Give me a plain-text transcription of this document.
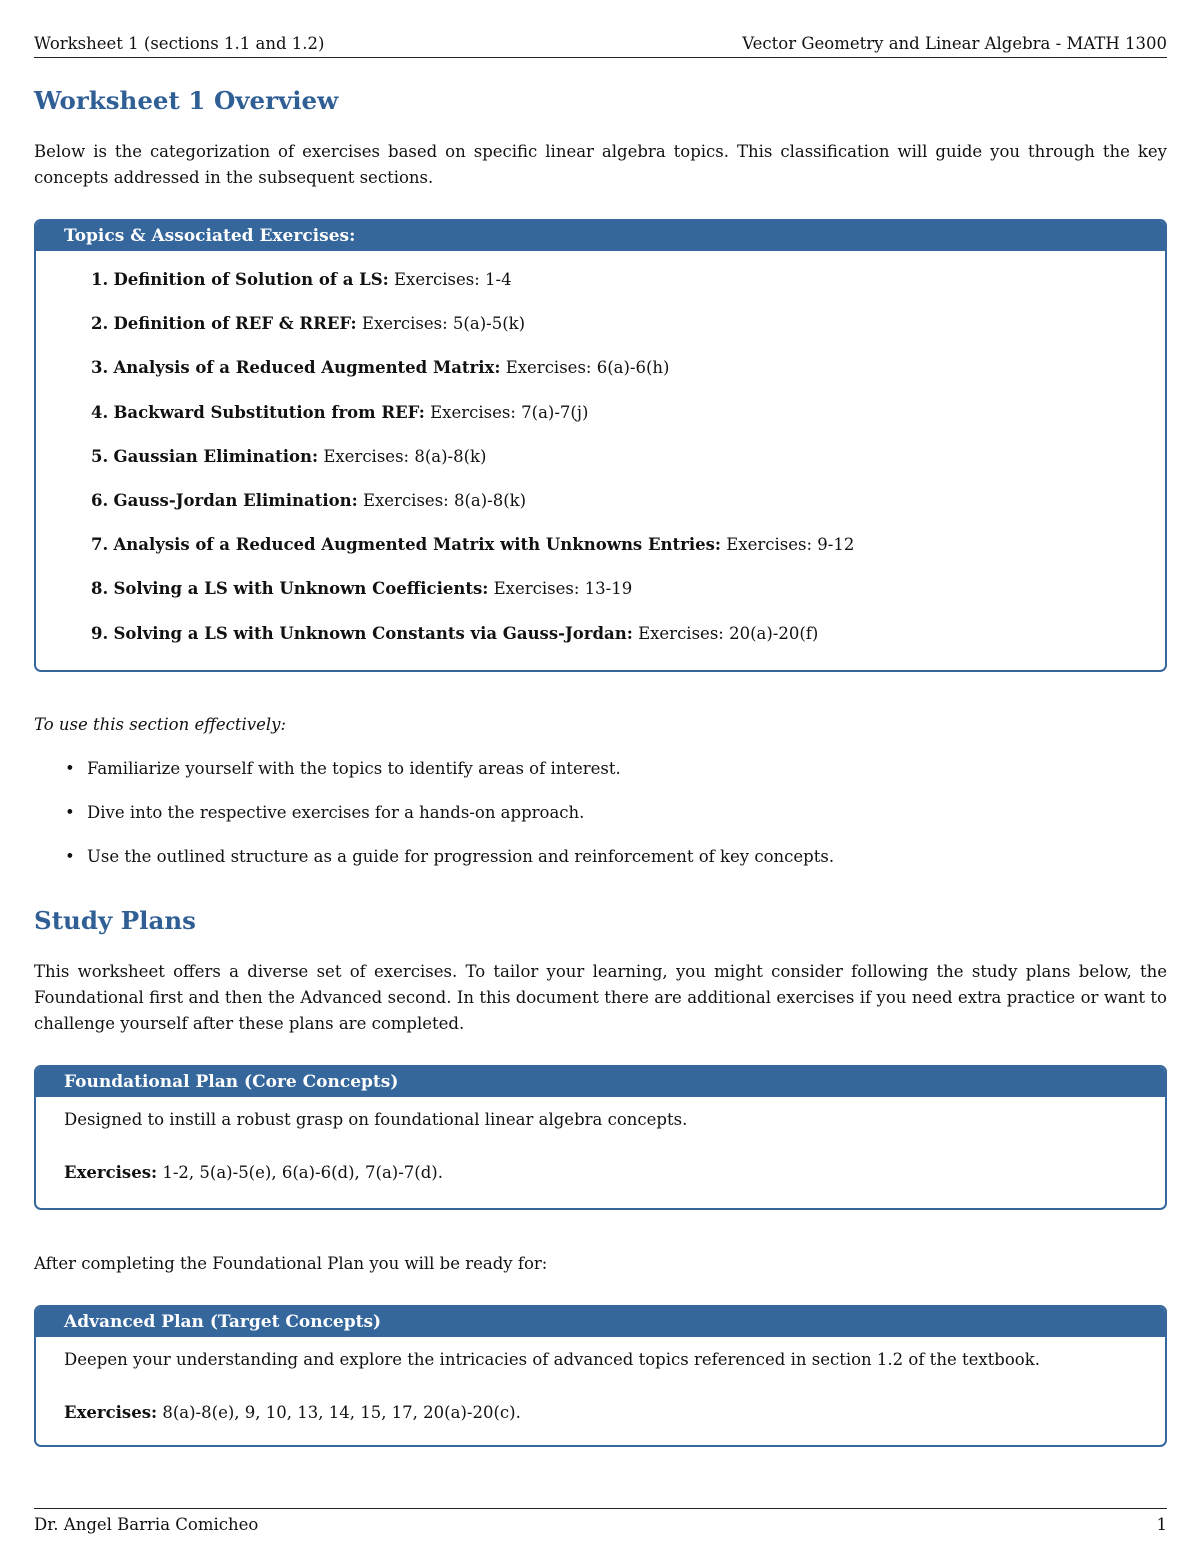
Worksheet 1 (sections 1.1 and 1.2)	Vector Geometry and Linear Algebra - MATH 1300
Worksheet 1 Overview

Below is the categorization of exercises based on specific linear algebra topics. This classification will guide you through the key concepts addressed in the subsequent sections.

Topics & Associated Exercises:
1. Definition of Solution of a LS: Exercises: 1-4
2. Definition of REF & RREF: Exercises: 5(a)-5(k)
3. Analysis of a Reduced Augmented Matrix: Exercises: 6(a)-6(h)
4. Backward Substitution from REF: Exercises: 7(a)-7(j)
5. Gaussian Elimination: Exercises: 8(a)-8(k)
6. Gauss-Jordan Elimination: Exercises: 8(a)-8(k)
7. Analysis of a Reduced Augmented Matrix with Unknowns Entries: Exercises: 9-12
8. Solving a LS with Unknown Coefficients: Exercises: 13-19
9. Solving a LS with Unknown Constants via Gauss-Jordan: Exercises: 20(a)-20(f)
To use this section effectively:
• Familiarize yourself with the topics to identify areas of interest.
• Dive into the respective exercises for a hands-on approach.
• Use the outlined structure as a guide for progression and reinforcement of key concepts.
Study Plans

This worksheet offers a diverse set of exercises. To tailor your learning, you might consider following the study plans below, the Foundational first and then the Advanced second. In this document there are additional exercises if you need extra practice or want to challenge yourself after these plans are completed.

Foundational Plan (Core Concepts)

Designed to instill a robust grasp on foundational linear algebra concepts.

Exercises: 1-2, 5(a)-5(e), 6(a)-6(d), 7(a)-7(d).

After completing the Foundational Plan you will be ready for:
Advanced Plan (Target Concepts)

Deepen your understanding and explore the intricacies of advanced topics referenced in section 1.2 of the textbook.

Exercises: 8(a)-8(e), 9, 10, 13, 14, 15, 17, 20(a)-20(c).

Dr. Angel Barria Comicheo	1
